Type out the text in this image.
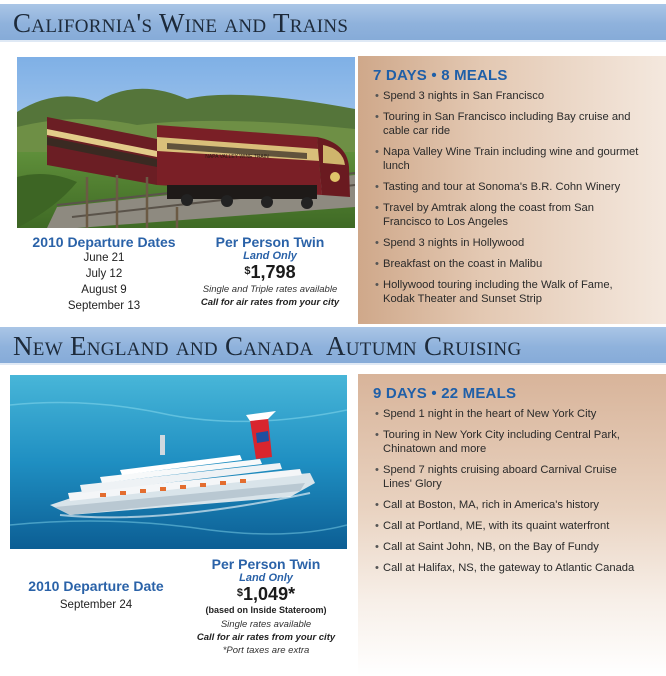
California's Wine and Trains
NAPA VALLEY WINE TRAIN
7 DAYS • 8 MEALS
• Spend 3 nights in San Francisco
• Touring in San Francisco including Bay cruise and cable car ride
• Napa Valley Wine Train including wine and gourmet lunch
• Tasting and tour at Sonoma's B.R. Cohn Winery
• Travel by Amtrak along the coast from San Francisco to Los Angeles
• Spend 3 nights in Hollywood
• Breakfast on the coast in Malibu
• Hollywood touring including the Walk of Fame, Kodak Theater and Sunset Strip
2010 Departure Dates
June 21
July 12
August 9
September 13
Per Person Twin
Land Only
$1,798
Single and Triple rates available
Call for air rates from your city
New England and Canada  Autumn Cruising
9 DAYS • 22 MEALS
• Spend 1 night in the heart of New York City
• Touring in New York City including Central Park, Chinatown and more
• Spend 7 nights cruising aboard Carnival Cruise Lines' Glory
• Call at Boston, MA, rich in America's history
• Call at Portland, ME, with its quaint waterfront
• Call at Saint John, NB, on the Bay of Fundy
• Call at Halifax, NS, the gateway to Atlantic Canada
2010 Departure Date
September 24
Per Person Twin
Land Only
$1,049*
(based on Inside Stateroom)
Single rates available
Call for air rates from your city
*Port taxes are extra
